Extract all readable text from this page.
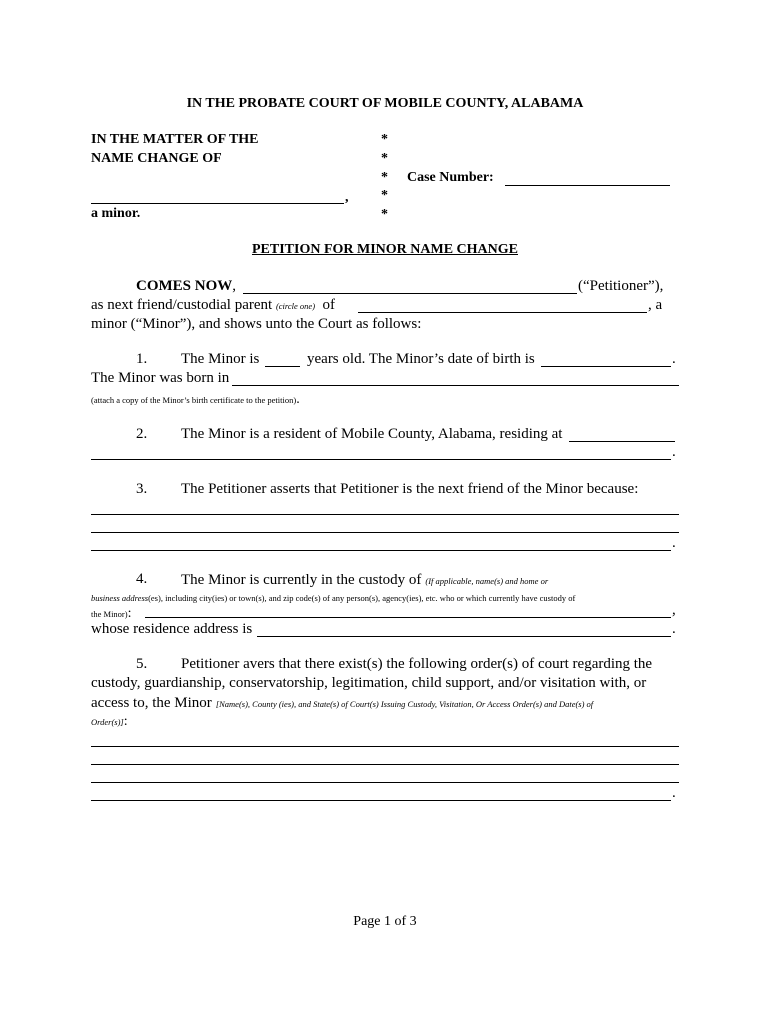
IN THE PROBATE COURT OF MOBILE COUNTY, ALABAMA
IN THE MATTER OF THE
NAME CHANGE OF
,
a minor.
*
*
*
*
*
Case Number:
PETITION FOR MINOR NAME CHANGE
COMES NOW,	(“Petitioner”),
as next friend/custodial parent (circle one) of	, a
minor (“Minor”), and shows unto the Court as follows:
1. The Minor is	years old. The Minor’s date of birth is	.
The Minor was born in
(attach a copy of the Minor’s birth certificate to the petition).
2. The Minor is a resident of Mobile County, Alabama, residing at
.
3. The Petitioner asserts that Petitioner is the next friend of the Minor because:
.
4. The Minor is currently in the custody of (If applicable, name(s) and home or
business address(es), including city(ies) or town(s), and zip code(s) of any person(s), agency(ies), etc. who or which currently have custody of
the Minor):	,
whose residence address is	.
5. Petitioner avers that there exist(s) the following order(s) of court regarding the
custody, guardianship, conservatorship, legitimation, child support, and/or visitation with, or
access to, the Minor [Name(s), County (ies), and State(s) of Court(s) Issuing Custody, Visitation, Or Access Order(s) and Date(s) of
Order(s)]:
.
Page 1 of 3
